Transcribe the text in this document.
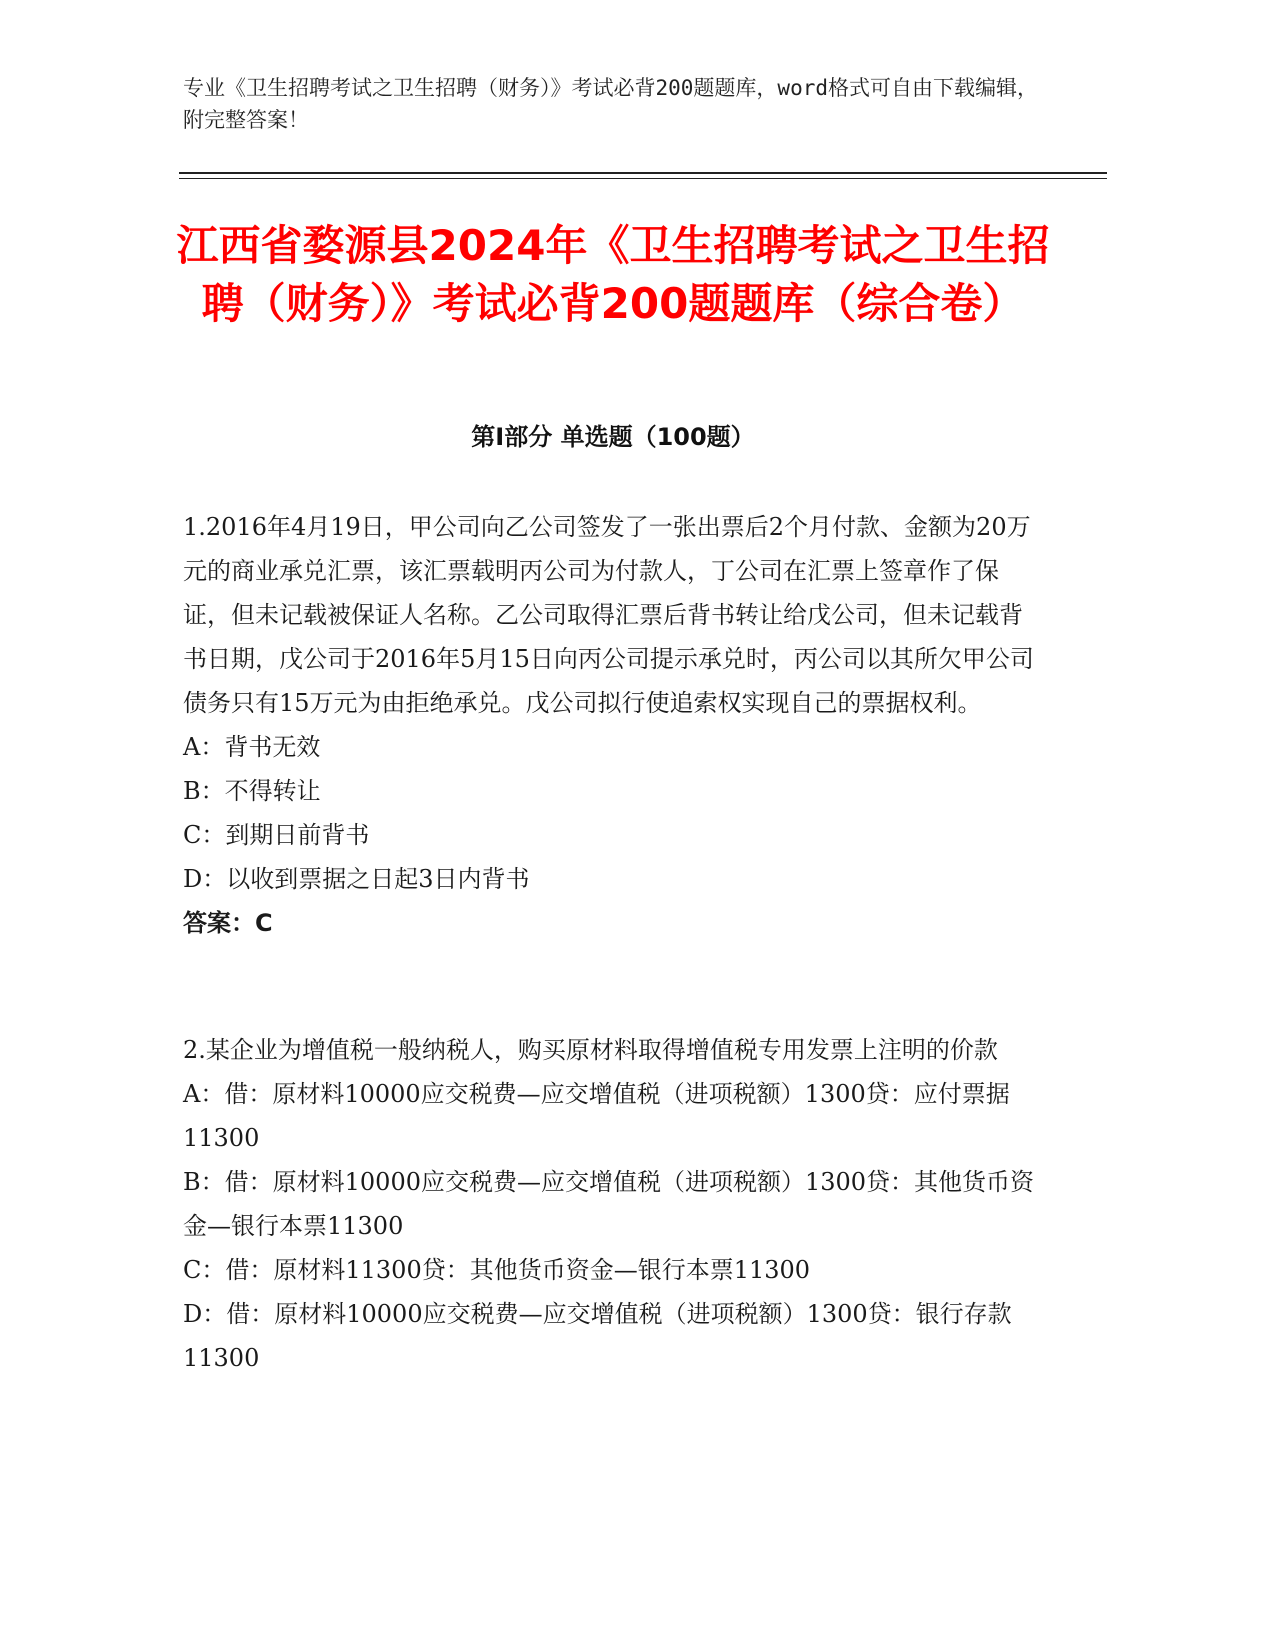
专业《卫生招聘考试之卫生招聘（财务）》考试必背200题题库，word格式可自由下载编辑，附完整答案！
江西省婺源县2024年《卫生招聘考试之卫生招聘（财务）》考试必背200题题库（综合卷）
第Ⅰ部分 单选题（100题）

1.2016年4月19日，甲公司向乙公司签发了一张出票后2个月付款、金额为20万元的商业承兑汇票，该汇票载明丙公司为付款人，丁公司在汇票上签章作了保证，但未记载被保证人名称。乙公司取得汇票后背书转让给戊公司，但未记载背书日期，戊公司于2016年5月15日向丙公司提示承兑时，丙公司以其所欠甲公司债务只有15万元为由拒绝承兑。戊公司拟行使追索权实现自己的票据权利。

A：背书无效

B：不得转让

C：到期日前背书

D：以收到票据之日起3日内背书

答案：C

2.某企业为增值税一般纳税人，购买原材料取得增值税专用发票上注明的价款

A：借：原材料10000应交税费—应交增值税（进项税额）1300贷：应付票据11300

B：借：原材料10000应交税费—应交增值税（进项税额）1300贷：其他货币资金—银行本票11300

C：借：原材料11300贷：其他货币资金—银行本票11300

D：借：原材料10000应交税费—应交增值税（进项税额）1300贷：银行存款11300
